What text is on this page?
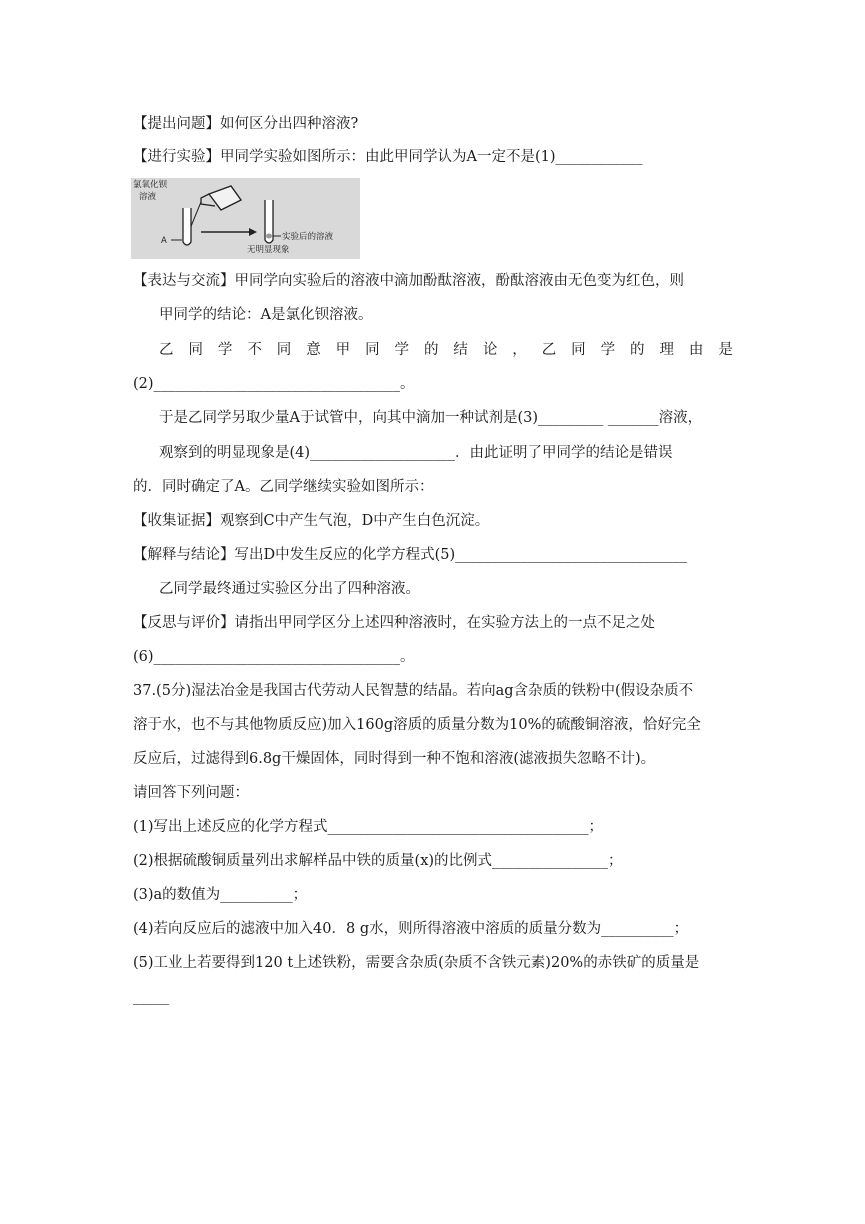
【提出问题】如何区分出四种溶液?
【进行实验】甲同学实验如图所示：由此甲同学认为A一定不是(1)____________
A
氯氧化钡
溶液
实验后的溶液
无明显现象
【表达与交流】甲同学向实验后的溶液中滴加酚酞溶液，酚酞溶液由无色变为红色，则
甲同学的结论：A是氯化钡溶液。
乙 同 学 不 同 意 甲 同 学 的 结 论 ， 乙 同 学 的 理 由 是
(2)__________________________________。
于是乙同学另取少量A于试管中，向其中滴加一种试剂是(3)_________ _______溶液，
观察到的明显现象是(4)____________________．由此证明了甲同学的结论是错误
的．同时确定了A。乙同学继续实验如图所示：
【收集证据】观察到C中产生气泡，D中产生白色沉淀。
【解释与结论】写出D中发生反应的化学方程式(5)________________________________
乙同学最终通过实验区分出了四种溶液。
【反思与评价】请指出甲同学区分上述四种溶液时，在实验方法上的一点不足之处
(6)__________________________________。
37.(5分)湿法冶金是我国古代劳动人民智慧的结晶。若向ag含杂质的铁粉中(假设杂质不
溶于水，也不与其他物质反应)加入160g溶质的质量分数为10%的硫酸铜溶液，恰好完全
反应后，过滤得到6.8g干燥固体，同时得到一种不饱和溶液(滤液损失忽略不计)。
请回答下列问题：
(1)写出上述反应的化学方程式____________________________________；
(2)根据硫酸铜质量列出求解样品中铁的质量(x)的比例式________________；
(3)a的数值为__________；
(4)若向反应后的滤液中加入40．8 g水，则所得溶液中溶质的质量分数为__________；
(5)工业上若要得到120 t上述铁粉，需要含杂质(杂质不含铁元素)20%的赤铁矿的质量是
_____
